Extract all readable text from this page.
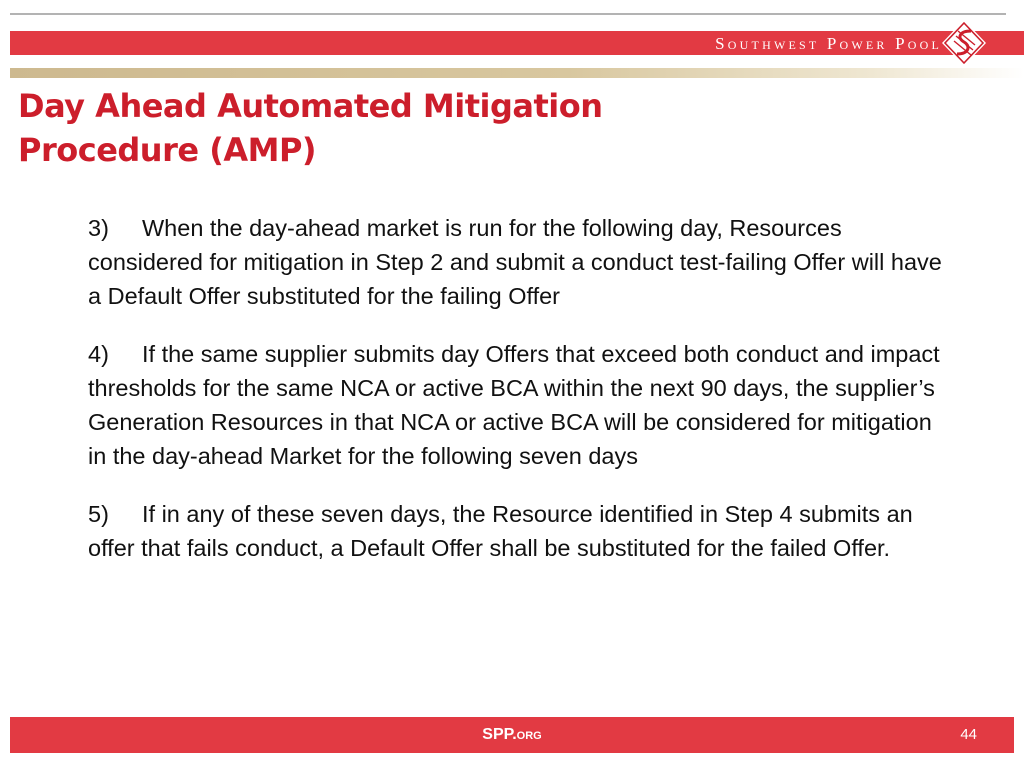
Southwest Power Pool
Day Ahead Automated Mitigation
Procedure (AMP)
3) When the day-ahead market is run for the following day, Resources considered for mitigation in Step 2 and submit a conduct test-failing Offer will have a Default Offer substituted for the failing Offer
4) If the same supplier submits day Offers that exceed both conduct and impact thresholds for the same NCA or active BCA within the next 90 days, the supplier’s Generation Resources in that NCA or active BCA will be considered for mitigation in the day-ahead Market for the following seven days
5) If in any of these seven days, the Resource identified in Step 4 submits an offer that fails conduct, a Default Offer shall be substituted for the failed Offer.
SPP.org	44
